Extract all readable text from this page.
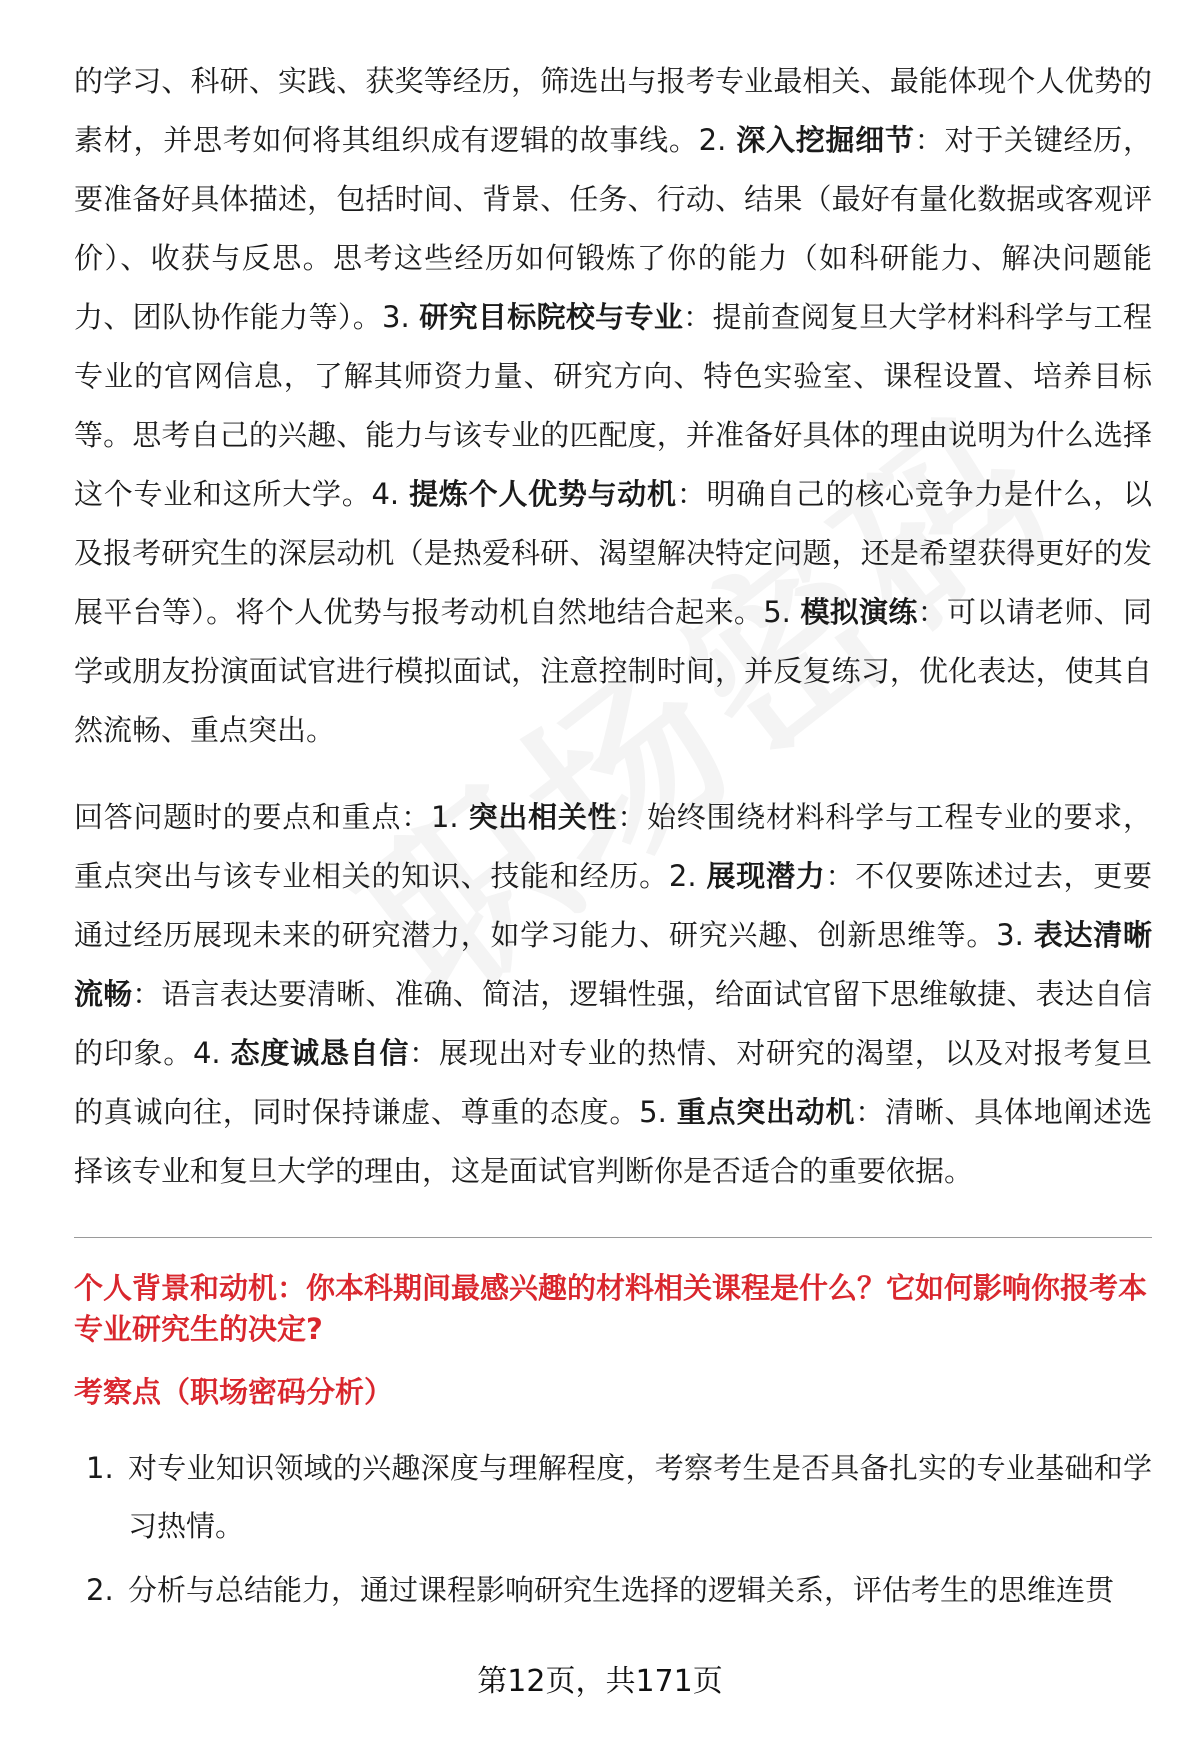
的学习、科研、实践、获奖等经历，筛选出与报考专业最相关、最能体现个人优势的素材，并思考如何将其组织成有逻辑的故事线。2. 深入挖掘细节：对于关键经历，要准备好具体描述，包括时间、背景、任务、行动、结果（最好有量化数据或客观评价）、收获与反思。思考这些经历如何锻炼了你的能力（如科研能力、解决问题能力、团队协作能力等）。3. 研究目标院校与专业：提前查阅复旦大学材料科学与工程专业的官网信息，了解其师资力量、研究方向、特色实验室、课程设置、培养目标等。思考自己的兴趣、能力与该专业的匹配度，并准备好具体的理由说明为什么选择这个专业和这所大学。4. 提炼个人优势与动机：明确自己的核心竞争力是什么，以及报考研究生的深层动机（是热爱科研、渴望解决特定问题，还是希望获得更好的发展平台等）。将个人优势与报考动机自然地结合起来。5. 模拟演练：可以请老师、同学或朋友扮演面试官进行模拟面试，注意控制时间，并反复练习，优化表达，使其自然流畅、重点突出。

回答问题时的要点和重点：1. 突出相关性：始终围绕材料科学与工程专业的要求，重点突出与该专业相关的知识、技能和经历。2. 展现潜力：不仅要陈述过去，更要通过经历展现未来的研究潜力，如学习能力、研究兴趣、创新思维等。3. 表达清晰流畅：语言表达要清晰、准确、简洁，逻辑性强，给面试官留下思维敏捷、表达自信的印象。4. 态度诚恳自信：展现出对专业的热情、对研究的渴望，以及对报考复旦的真诚向往，同时保持谦虚、尊重的态度。5. 重点突出动机：清晰、具体地阐述选择该专业和复旦大学的理由，这是面试官判断你是否适合的重要依据。

个人背景和动机：你本科期间最感兴趣的材料相关课程是什么？它如何影响你报考本专业研究生的决定?

考察点（职场密码分析）

1. 对专业知识领域的兴趣深度与理解程度，考察考生是否具备扎实的专业基础和学习热情。
2. 分析与总结能力，通过课程影响研究生选择的逻辑关系，评估考生的思维连贯
第12页，共171页
